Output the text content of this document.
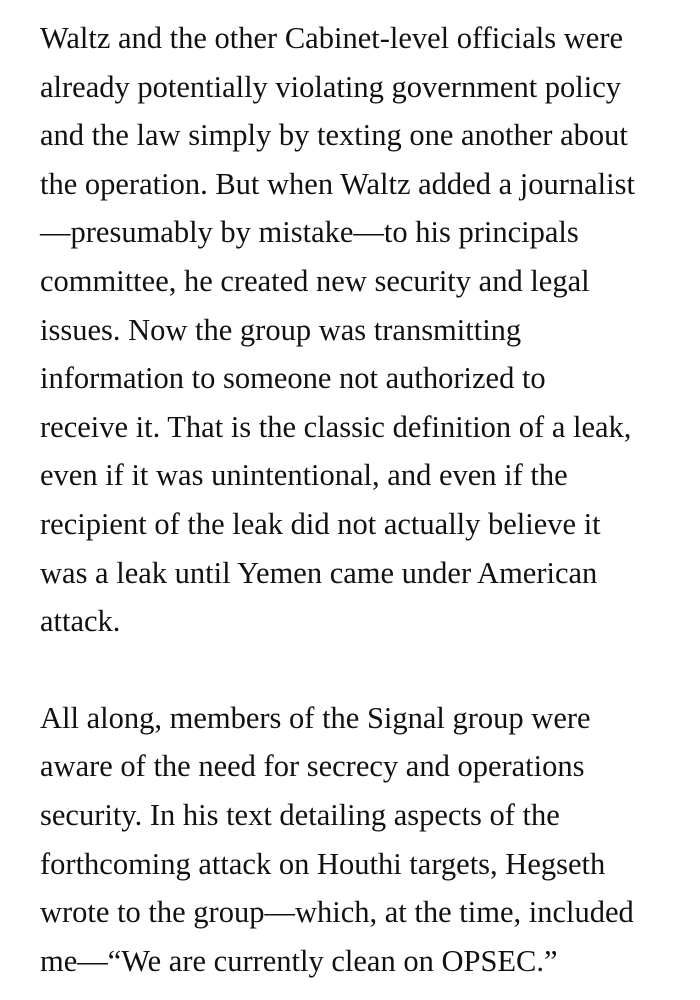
Waltz and the other Cabinet-level officials were
already potentially violating government policy
and the law simply by texting one another about
the operation. But when Waltz added a journalist
—presumably by mistake—to his principals
committee, he created new security and legal
issues. Now the group was transmitting
information to someone not authorized to
receive it. That is the classic definition of a leak,
even if it was unintentional, and even if the
recipient of the leak did not actually believe it
was a leak until Yemen came under American
attack.

All along, members of the Signal group were
aware of the need for secrecy and operations
security. In his text detailing aspects of the
forthcoming attack on Houthi targets, Hegseth
wrote to the group—which, at the time, included
me—“We are currently clean on OPSEC.”
